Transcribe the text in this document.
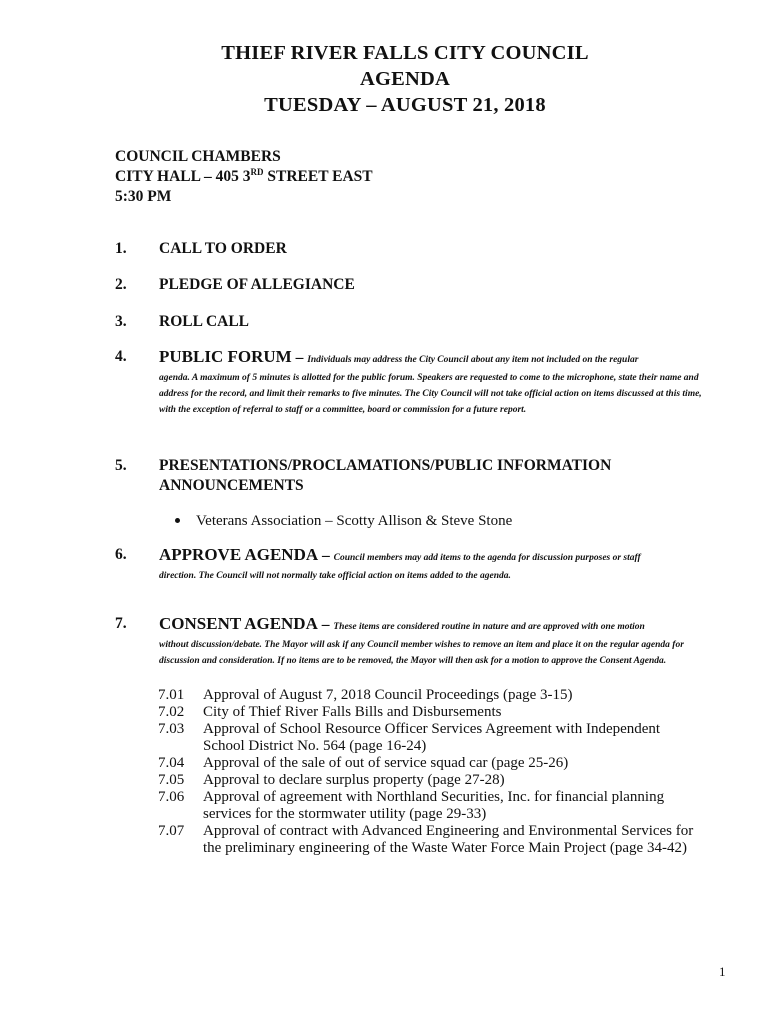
THIEF RIVER FALLS CITY COUNCIL
AGENDA
TUESDAY – AUGUST 21, 2018
COUNCIL CHAMBERS
CITY HALL – 405 3RD STREET EAST
5:30 PM
1. CALL TO ORDER
2. PLEDGE OF ALLEGIANCE
3. ROLL CALL
4. PUBLIC FORUM – Individuals may address the City Council about any item not included on the regular
agenda. A maximum of 5 minutes is allotted for the public forum. Speakers are requested to come to the microphone, state their name and address for the record, and limit their remarks to five minutes. The City Council will not take official action on items discussed at this time, with the exception of referral to staff or a committee, board or commission for a future report.
5. PRESENTATIONS/PROCLAMATIONS/PUBLIC INFORMATION
ANNOUNCEMENTS
Veterans Association – Scotty Allison & Steve Stone
6. APPROVE AGENDA – Council members may add items to the agenda for discussion purposes or staff
direction. The Council will not normally take official action on items added to the agenda.
7. CONSENT AGENDA – These items are considered routine in nature and are approved with one motion
without discussion/debate. The Mayor will ask if any Council member wishes to remove an item and place it on the regular agenda for discussion and consideration. If no items are to be removed, the Mayor will then ask for a motion to approve the Consent Agenda.
7.01	Approval of August 7, 2018 Council Proceedings (page 3-15)
7.02	City of Thief River Falls Bills and Disbursements
7.03	Approval of School Resource Officer Services Agreement with Independent
School District No. 564 (page 16-24)
7.04	Approval of the sale of out of service squad car (page 25-26)
7.05	Approval to declare surplus property (page 27-28)
7.06	Approval of agreement with Northland Securities, Inc. for financial planning
services for the stormwater utility (page 29-33)
7.07	Approval of contract with Advanced Engineering and Environmental Services for
the preliminary engineering of the Waste Water Force Main Project (page 34-42)
1
